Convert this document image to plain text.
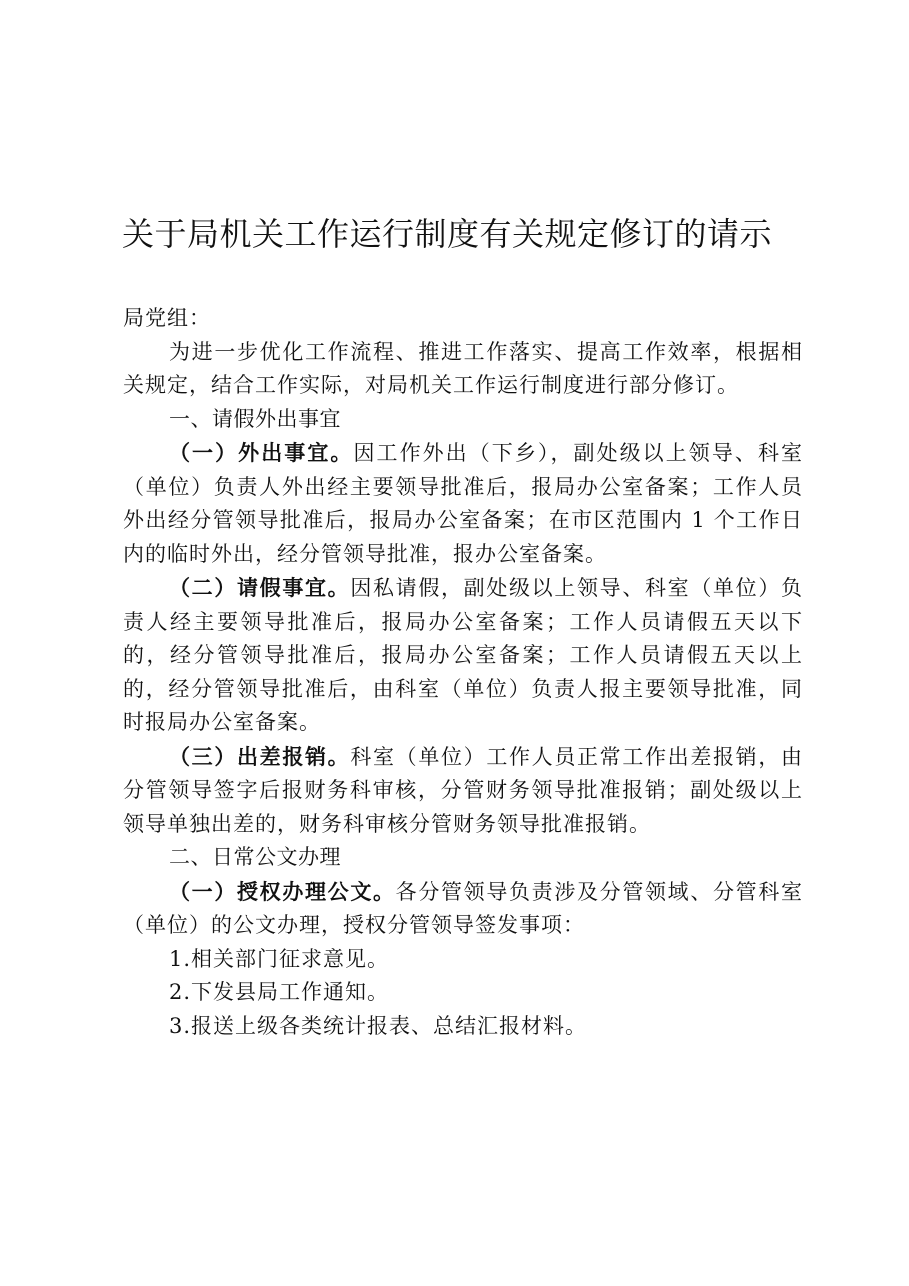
关于局机关工作运行制度有关规定修订的请示

局党组：

为进一步优化工作流程、推进工作落实、提高工作效率，根据相关规定，结合工作实际，对局机关工作运行制度进行部分修订。

一、请假外出事宜

（一）外出事宜。因工作外出（下乡），副处级以上领导、科室（单位）负责人外出经主要领导批准后，报局办公室备案；工作人员外出经分管领导批准后，报局办公室备案；在市区范围内 1 个工作日内的临时外出，经分管领导批准，报办公室备案。

（二）请假事宜。因私请假，副处级以上领导、科室（单位）负责人经主要领导批准后，报局办公室备案；工作人员请假五天以下的，经分管领导批准后，报局办公室备案；工作人员请假五天以上的，经分管领导批准后，由科室（单位）负责人报主要领导批准，同时报局办公室备案。

（三）出差报销。科室（单位）工作人员正常工作出差报销，由分管领导签字后报财务科审核，分管财务领导批准报销；副处级以上领导单独出差的，财务科审核分管财务领导批准报销。

二、日常公文办理

（一）授权办理公文。各分管领导负责涉及分管领域、分管科室（单位）的公文办理，授权分管领导签发事项：

1.相关部门征求意见。

2.下发县局工作通知。

3.报送上级各类统计报表、总结汇报材料。
